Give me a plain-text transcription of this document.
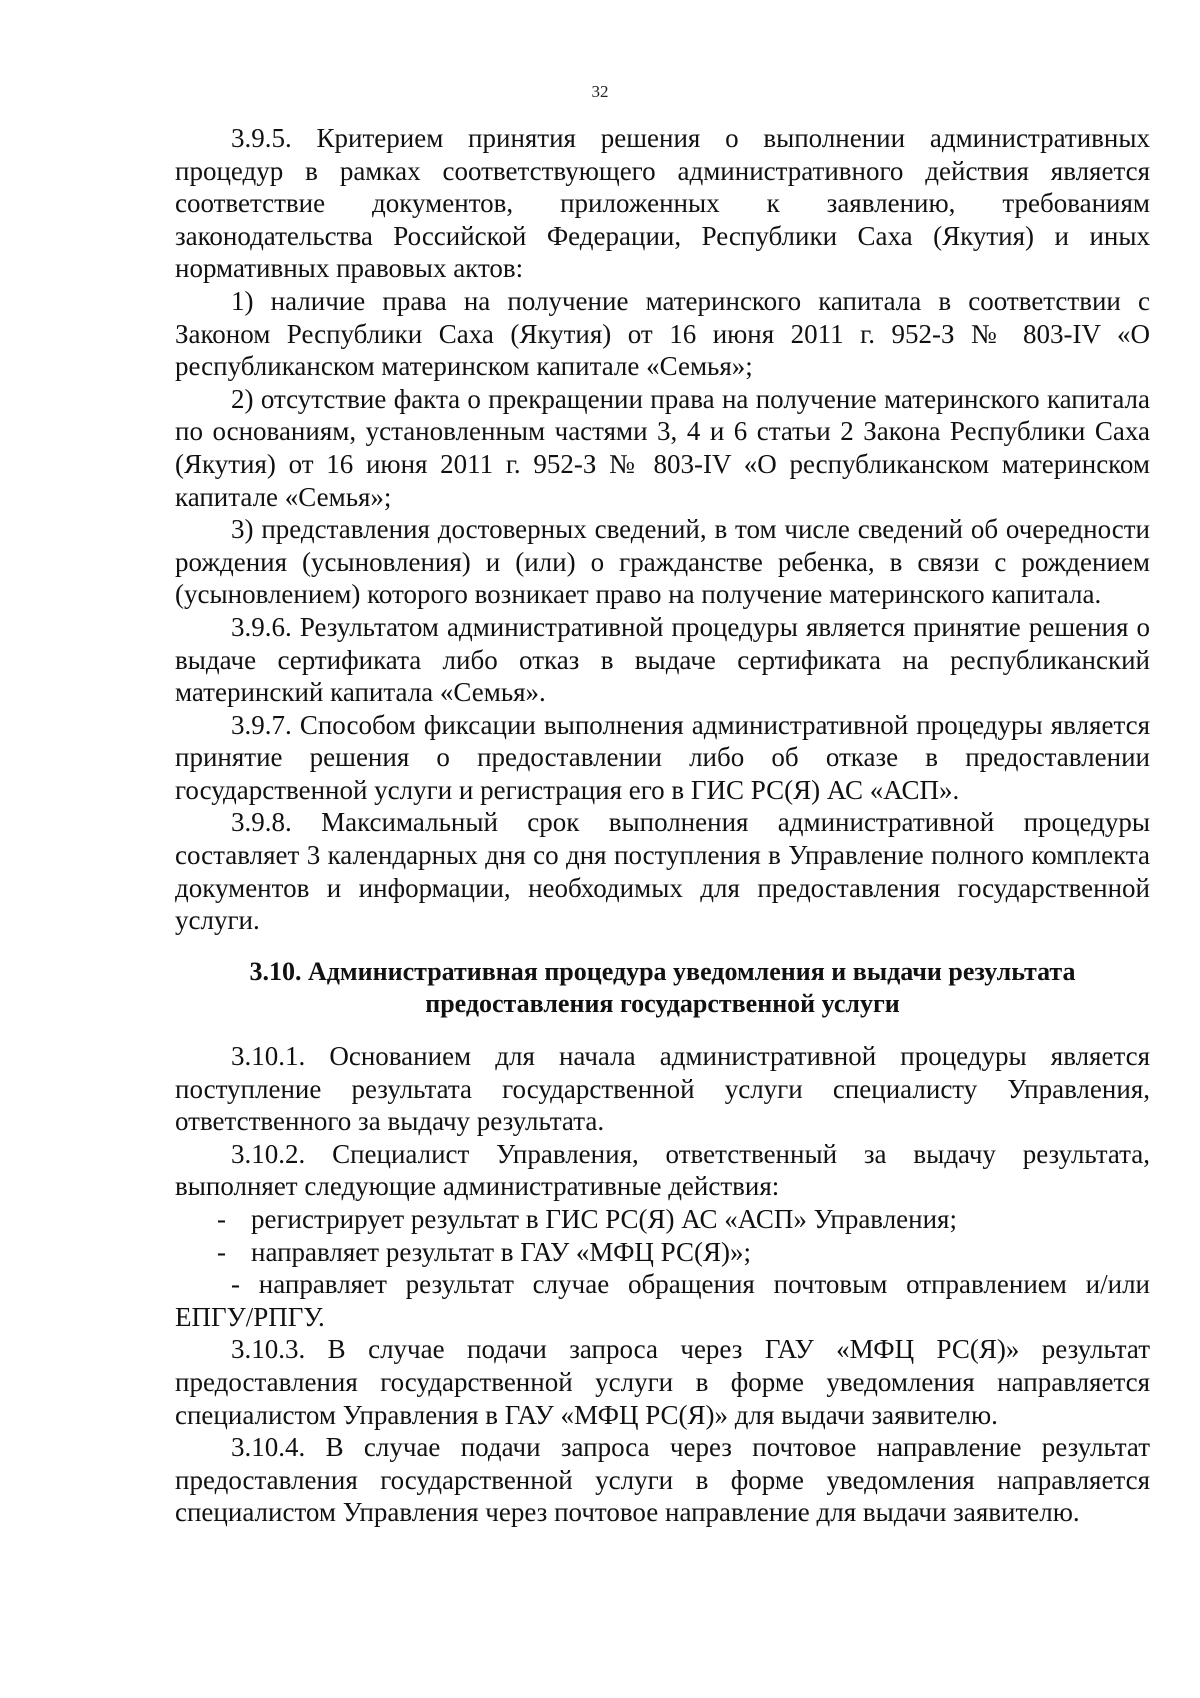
32

3.9.5. Критерием принятия решения о выполнении административных процедур в рамках соответствующего административного действия является соответствие документов, приложенных к заявлению, требованиям законодательства Российской Федерации, Республики Саха (Якутия) и иных нормативных правовых актов:

1) наличие права на получение материнского капитала в соответствии с Законом Республики Саха (Якутия) от 16 июня 2011 г. 952-З № 803-IV «О республиканском материнском капитале «Семья»;

2) отсутствие факта о прекращении права на получение материнского капитала по основаниям, установленным частями 3, 4 и 6 статьи 2 Закона Республики Саха (Якутия) от 16 июня 2011 г. 952-З № 803-IV «О республиканском материнском капитале «Семья»;

3) представления достоверных сведений, в том числе сведений об очередности рождения (усыновления) и (или) о гражданстве ребенка, в связи с рождением (усыновлением) которого возникает право на получение материнского капитала.

3.9.6. Результатом административной процедуры является принятие решения о выдаче сертификата либо отказ в выдаче сертификата на республиканский материнский капитала «Семья».

3.9.7. Способом фиксации выполнения административной процедуры является принятие решения о предоставлении либо об отказе в предоставлении государственной услуги и регистрация его в ГИС РС(Я) АС «АСП».

3.9.8. Максимальный срок выполнения административной процедуры составляет 3 календарных дня со дня поступления в Управление полного комплекта документов и информации, необходимых для предоставления государственной услуги.

3.10. Административная процедура уведомления и выдачи результата
предоставления государственной услуги

3.10.1. Основанием для начала административной процедуры является поступление результата государственной услуги специалисту Управления, ответственного за выдачу результата.

3.10.2. Специалист Управления, ответственный за выдачу результата, выполняет следующие административные действия:

- регистрирует результат в ГИС РС(Я) АС «АСП» Управления;

- направляет результат в ГАУ «МФЦ РС(Я)»;

- направляет результат случае обращения почтовым отправлением и/или ЕПГУ/РПГУ.

3.10.3. В случае подачи запроса через ГАУ «МФЦ РС(Я)» результат предоставления государственной услуги в форме уведомления направляется специалистом Управления в ГАУ «МФЦ РС(Я)» для выдачи заявителю.

3.10.4. В случае подачи запроса через почтовое направление результат предоставления государственной услуги в форме уведомления направляется специалистом Управления через почтовое направление для выдачи заявителю.
